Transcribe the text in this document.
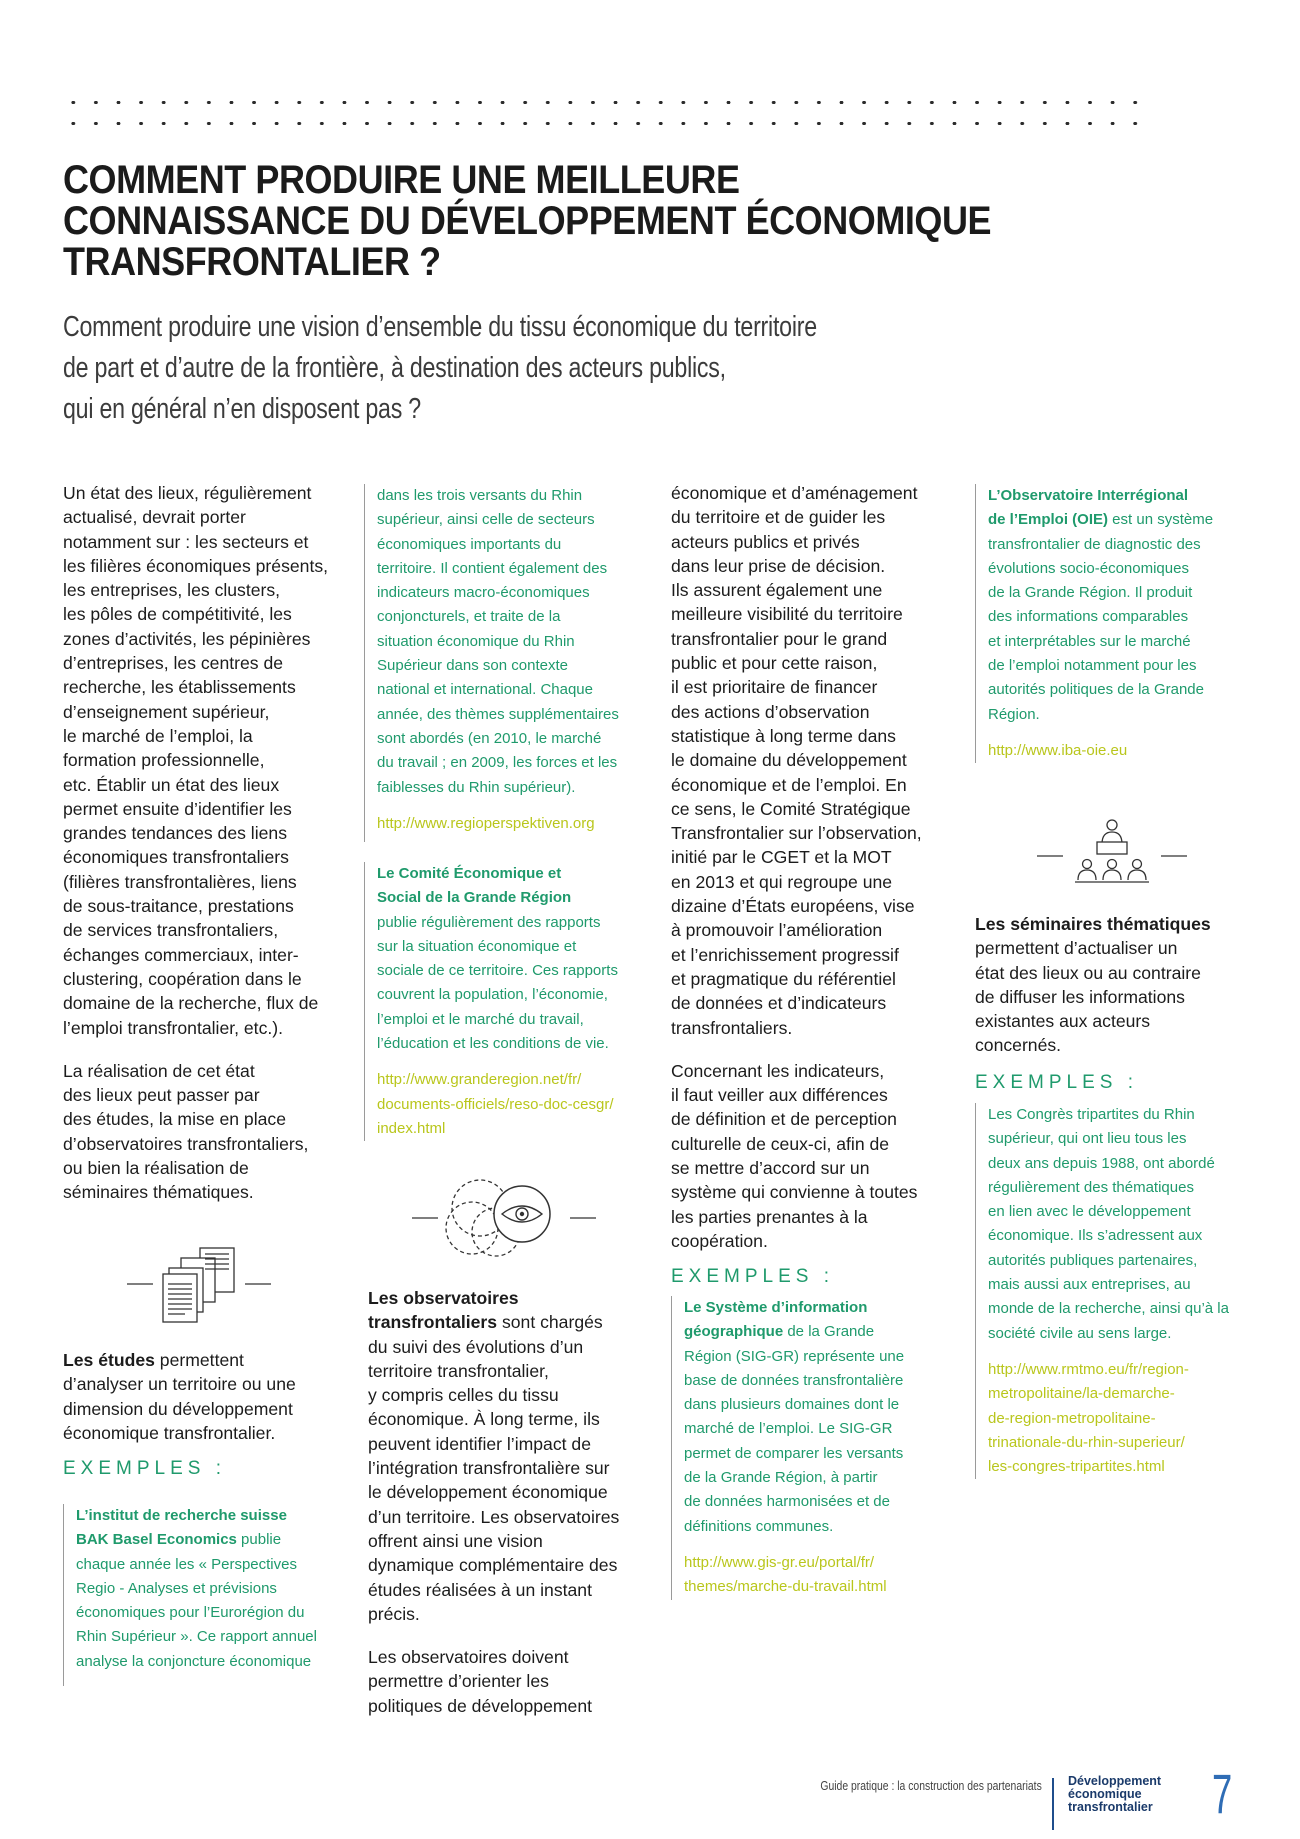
COMMENT PRODUIRE UNE MEILLEURE
CONNAISSANCE DU DÉVELOPPEMENT ÉCONOMIQUE
TRANSFRONTALIER ?
Comment produire une vision d’ensemble du tissu économique du territoire
de part et d’autre de la frontière, à destination des acteurs publics,
qui en général n’en disposent pas ?

Un état des lieux, régulièrement
actualisé, devrait porter
notamment sur : les secteurs et
les filières économiques présents,
les entreprises, les clusters,
les pôles de compétitivité, les
zones d’activités, les pépinières
d’entreprises, les centres de
recherche, les établissements
d’enseignement supérieur,
le marché de l’emploi, la
formation professionnelle,
etc. Établir un état des lieux
permet ensuite d’identifier les
grandes tendances des liens
économiques transfrontaliers
(filières transfrontalières, liens
de sous-traitance, prestations
de services transfrontaliers,
échanges commerciaux, inter-
clustering, coopération dans le
domaine de la recherche, flux de
l’emploi transfrontalier, etc.).

La réalisation de cet état
des lieux peut passer par
des études, la mise en place
d’observatoires transfrontaliers,
ou bien la réalisation de
séminaires thématiques.

Les études permettent
d’analyser un territoire ou une
dimension du développement
économique transfrontalier.

EXEMPLES :

L’institut de recherche suisse
BAK Basel Economics publie
chaque année les « Perspectives
Regio - Analyses et prévisions
économiques pour l’Eurorégion du
Rhin Supérieur ». Ce rapport annuel
analyse la conjoncture économique

dans les trois versants du Rhin
supérieur, ainsi celle de secteurs
économiques importants du
territoire. Il contient également des
indicateurs macro-économiques
conjoncturels, et traite de la
situation économique du Rhin
Supérieur dans son contexte
national et international. Chaque
année, des thèmes supplémentaires
sont abordés (en 2010, le marché
du travail ; en 2009, les forces et les
faiblesses du Rhin supérieur).

http://www.regioperspektiven.org

Le Comité Économique et
Social de la Grande Région
publie régulièrement des rapports
sur la situation économique et
sociale de ce territoire. Ces rapports
couvrent la population, l’économie,
l’emploi et le marché du travail,
l’éducation et les conditions de vie.

http://www.granderegion.net/fr/
documents-officiels/reso-doc-cesgr/
index.html

Les observatoires
transfrontaliers sont chargés
du suivi des évolutions d’un
territoire transfrontalier,
y compris celles du tissu
économique. À long terme, ils
peuvent identifier l’impact de
l’intégration transfrontalière sur
le développement économique
d’un territoire. Les observatoires
offrent ainsi une vision
dynamique complémentaire des
études réalisées à un instant
précis.

Les observatoires doivent
permettre d’orienter les
politiques de développement

économique et d’aménagement
du territoire et de guider les
acteurs publics et privés
dans leur prise de décision.
Ils assurent également une
meilleure visibilité du territoire
transfrontalier pour le grand
public et pour cette raison,
il est prioritaire de financer
des actions d’observation
statistique à long terme dans
le domaine du développement
économique et de l’emploi. En
ce sens, le Comité Stratégique
Transfrontalier sur l’observation,
initié par le CGET et la MOT
en 2013 et qui regroupe une
dizaine d’États européens, vise
à promouvoir l’amélioration
et l’enrichissement progressif
et pragmatique du référentiel
de données et d’indicateurs
transfrontaliers.

Concernant les indicateurs,
il faut veiller aux différences
de définition et de perception
culturelle de ceux-ci, afin de
se mettre d’accord sur un
système qui convienne à toutes
les parties prenantes à la
coopération.

EXEMPLES :

Le Système d’information
géographique de la Grande
Région (SIG-GR) représente une
base de données transfrontalière
dans plusieurs domaines dont le
marché de l’emploi. Le SIG-GR
permet de comparer les versants
de la Grande Région, à partir
de données harmonisées et de
définitions communes.

http://www.gis-gr.eu/portal/fr/
themes/marche-du-travail.html

L’Observatoire Interrégional
de l’Emploi (OIE) est un système
transfrontalier de diagnostic des
évolutions socio-économiques
de la Grande Région. Il produit
des informations comparables
et interprétables sur le marché
de l’emploi notamment pour les
autorités politiques de la Grande
Région.

http://www.iba-oie.eu

Les séminaires thématiques
permettent d’actualiser un
état des lieux ou au contraire
de diffuser les informations
existantes aux acteurs
concernés.

EXEMPLES :

Les Congrès tripartites du Rhin
supérieur, qui ont lieu tous les
deux ans depuis 1988, ont abordé
régulièrement des thématiques
en lien avec le développement
économique. Ils s’adressent aux
autorités publiques partenaires,
mais aussi aux entreprises, au
monde de la recherche, ainsi qu’à la
société civile au sens large.

http://www.rmtmo.eu/fr/region-
metropolitaine/la-demarche-
de-region-metropolitaine-
trinationale-du-rhin-superieur/
les-congres-tripartites.html

Guide pratique : la construction des partenariats Développement
économique
transfrontalier 7
